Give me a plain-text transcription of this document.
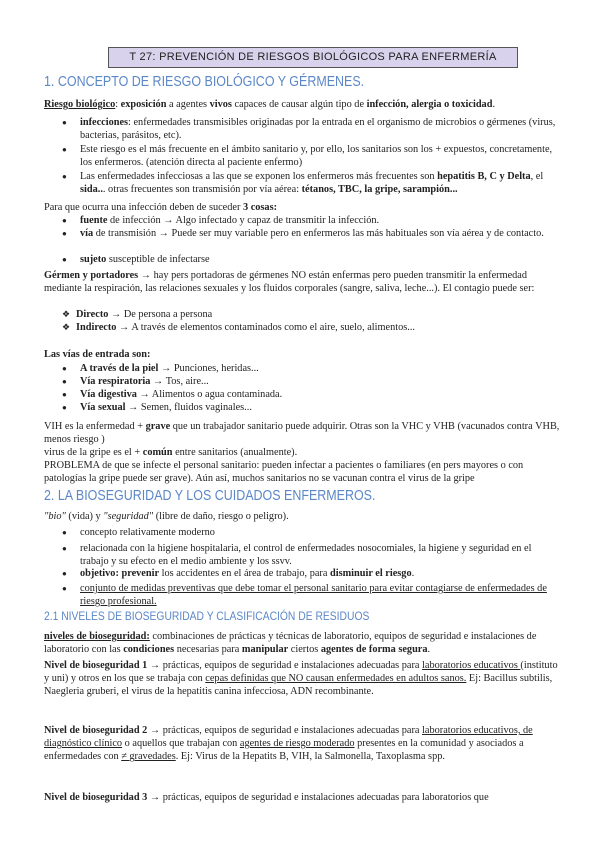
T 27: PREVENCIÓN DE RIESGOS BIOLÓGICOS PARA ENFERMERÍA
1. CONCEPTO DE RIESGO BIOLÓGICO Y GÉRMENES.

Riesgo biológico: exposición a agentes vivos capaces de causar algún tipo de infección, alergia o toxicidad.

● infecciones: enfermedades transmisibles originadas por la entrada en el organismo de microbios o gérmenes (virus, bacterias, parásitos, etc).

● Este riesgo es el más frecuente en el ámbito sanitario y, por ello, los sanitarios son los + expuestos, concretamente, los enfermeros. (atención directa al paciente enfermo)

● Las enfermedades infecciosas a las que se exponen los enfermeros más frecuentes son hepatitis B, C y Delta, el sida... otras frecuentes son transmisión por vía aérea: tétanos, TBC, la gripe, sarampión...

Para que ocurra una infección deben de suceder 3 cosas:

● fuente de infección → Algo infectado y capaz de transmitir la infección.

● vía de transmisión → Puede ser muy variable pero en enfermeros las más habituales son vía aérea y de contacto.

● sujeto susceptible de infectarse

Gérmen y portadores → hay pers portadoras de gérmenes NO están enfermas pero pueden transmitir la enfermedad mediante la respiración, las relaciones sexuales y los fluidos corporales (sangre, saliva, leche...). El contagio puede ser:

❖ Directo → De persona a persona

❖ Indirecto → A través de elementos contaminados como el aire, suelo, alimentos...

Las vías de entrada son:

● A través de la piel → Punciones, heridas...

● Vía respiratoria → Tos, aire...

● Vía digestiva → Alimentos o agua contaminada.

● Vía sexual → Semen, fluidos vaginales...

VIH es la enfermedad + grave que un trabajador sanitario puede adquirir. Otras son la VHC y VHB (vacunados contra VHB, menos riesgo )

virus de la gripe es el + común entre sanitarios (anualmente).

PROBLEMA de que se infecte el personal sanitario: pueden infectar a pacientes o familiares (en pers mayores o con patologías la gripe puede ser grave). Aún así, muchos sanitarios no se vacunan contra el virus de la gripe

2. LA BIOSEGURIDAD Y LOS CUIDADOS ENFERMEROS.

"bio" (vida) y "seguridad" (libre de daño, riesgo o peligro).

● concepto relativamente moderno

● relacionada con la higiene hospitalaria, el control de enfermedades nosocomiales, la higiene y seguridad en el trabajo y su efecto en el medio ambiente y los ssvv.

● objetivo: prevenir los accidentes en el área de trabajo, para disminuir el riesgo.

● conjunto de medidas preventivas que debe tomar el personal sanitario para evitar contagiarse de enfermedades de riesgo profesional.

2.1 NIVELES DE BIOSEGURIDAD Y CLASIFICACIÓN DE RESIDUOS

niveles de bioseguridad: combinaciones de prácticas y técnicas de laboratorio, equipos de seguridad e instalaciones de laboratorio con las condiciones necesarias para manipular ciertos agentes de forma segura.

Nivel de bioseguridad 1 → prácticas, equipos de seguridad e instalaciones adecuadas para laboratorios educativos (instituto y uni) y otros en los que se trabaja con cepas definidas que NO causan enfermedades en adultos sanos. Ej: Bacillus subtilis, Naegleria gruberi, el virus de la hepatitis canina infecciosa, ADN recombinante.

Nivel de bioseguridad 2 → prácticas, equipos de seguridad e instalaciones adecuadas para laboratorios educativos, de diagnóstico clínico o aquellos que trabajan con agentes de riesgo moderado presentes en la comunidad y asociados a enfermedades con ≠ gravedades. Ej: Virus de la Hepatits B, VIH, la Salmonella, Taxoplasma spp.

Nivel de bioseguridad 3 → prácticas, equipos de seguridad e instalaciones adecuadas para laboratorios que
